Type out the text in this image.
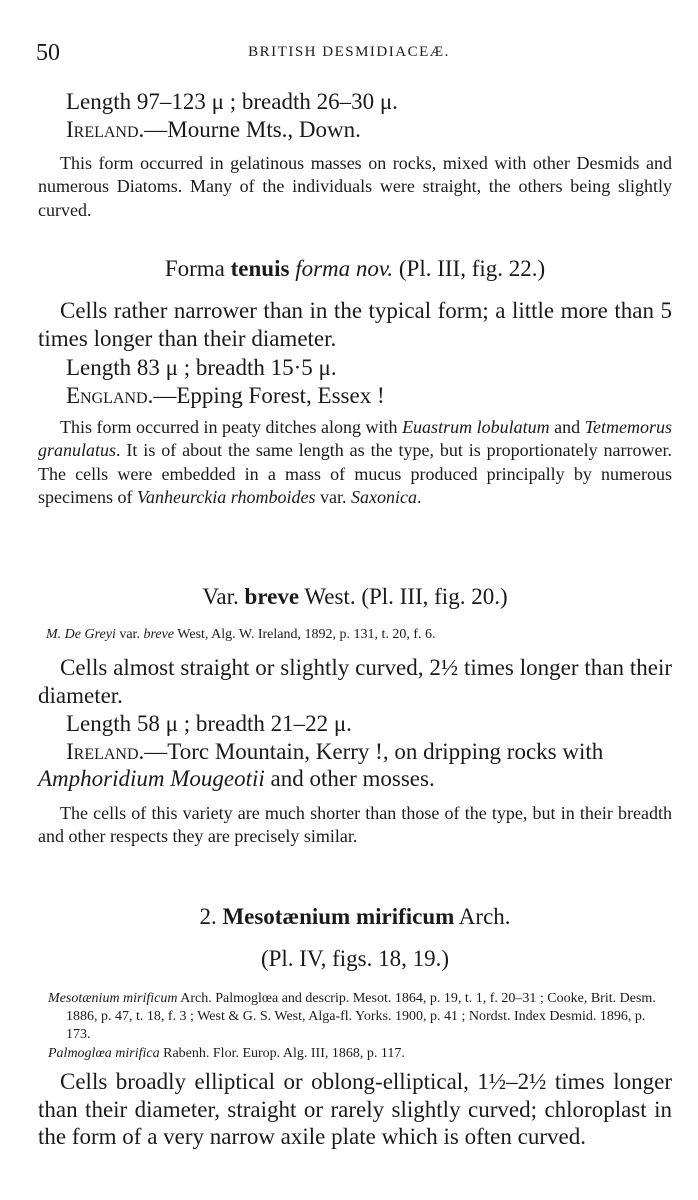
50	BRITISH DESMIDIACEÆ.
Length 97–123 μ ; breadth 26–30 μ.
Ireland.—Mourne Mts., Down.

This form occurred in gelatinous masses on rocks, mixed with other Desmids and numerous Diatoms. Many of the individuals were straight, the others being slightly curved.

Forma tenuis forma nov. (Pl. III, fig. 22.)

Cells rather narrower than in the typical form; a little more than 5 times longer than their diameter.

Length 83 μ ; breadth 15·5 μ.
England.—Epping Forest, Essex !

This form occurred in peaty ditches along with Euastrum lobulatum and Tetmemorus granulatus. It is of about the same length as the type, but is proportionately narrower. The cells were embedded in a mass of mucus produced principally by numerous specimens of Vanheurckia rhomboides var. Saxonica.

Var. breve West. (Pl. III, fig. 20.)
M. De Greyi var. breve West, Alg. W. Ireland, 1892, p. 131, t. 20, f. 6.

Cells almost straight or slightly curved, 2½ times longer than their diameter.

Length 58 μ ; breadth 21–22 μ.
Ireland.—Torc Mountain, Kerry !, on dripping rocks with Amphoridium Mougeotii and other mosses.

The cells of this variety are much shorter than those of the type, but in their breadth and other respects they are precisely similar.

2. Mesotænium mirificum Arch.
(Pl. IV, figs. 18, 19.)
Mesotænium mirificum Arch. Palmoglœa and descrip. Mesot. 1864, p. 19, t. 1, f. 20–31 ; Cooke, Brit. Desm. 1886, p. 47, t. 18, f. 3 ; West & G. S. West, Alga-fl. Yorks. 1900, p. 41 ; Nordst. Index Desmid. 1896, p. 173.
Palmoglœa mirifica Rabenh. Flor. Europ. Alg. III, 1868, p. 117.

Cells broadly elliptical or oblong-elliptical, 1½–2½ times longer than their diameter, straight or rarely slightly curved; chloroplast in the form of a very narrow axile plate which is often curved.
